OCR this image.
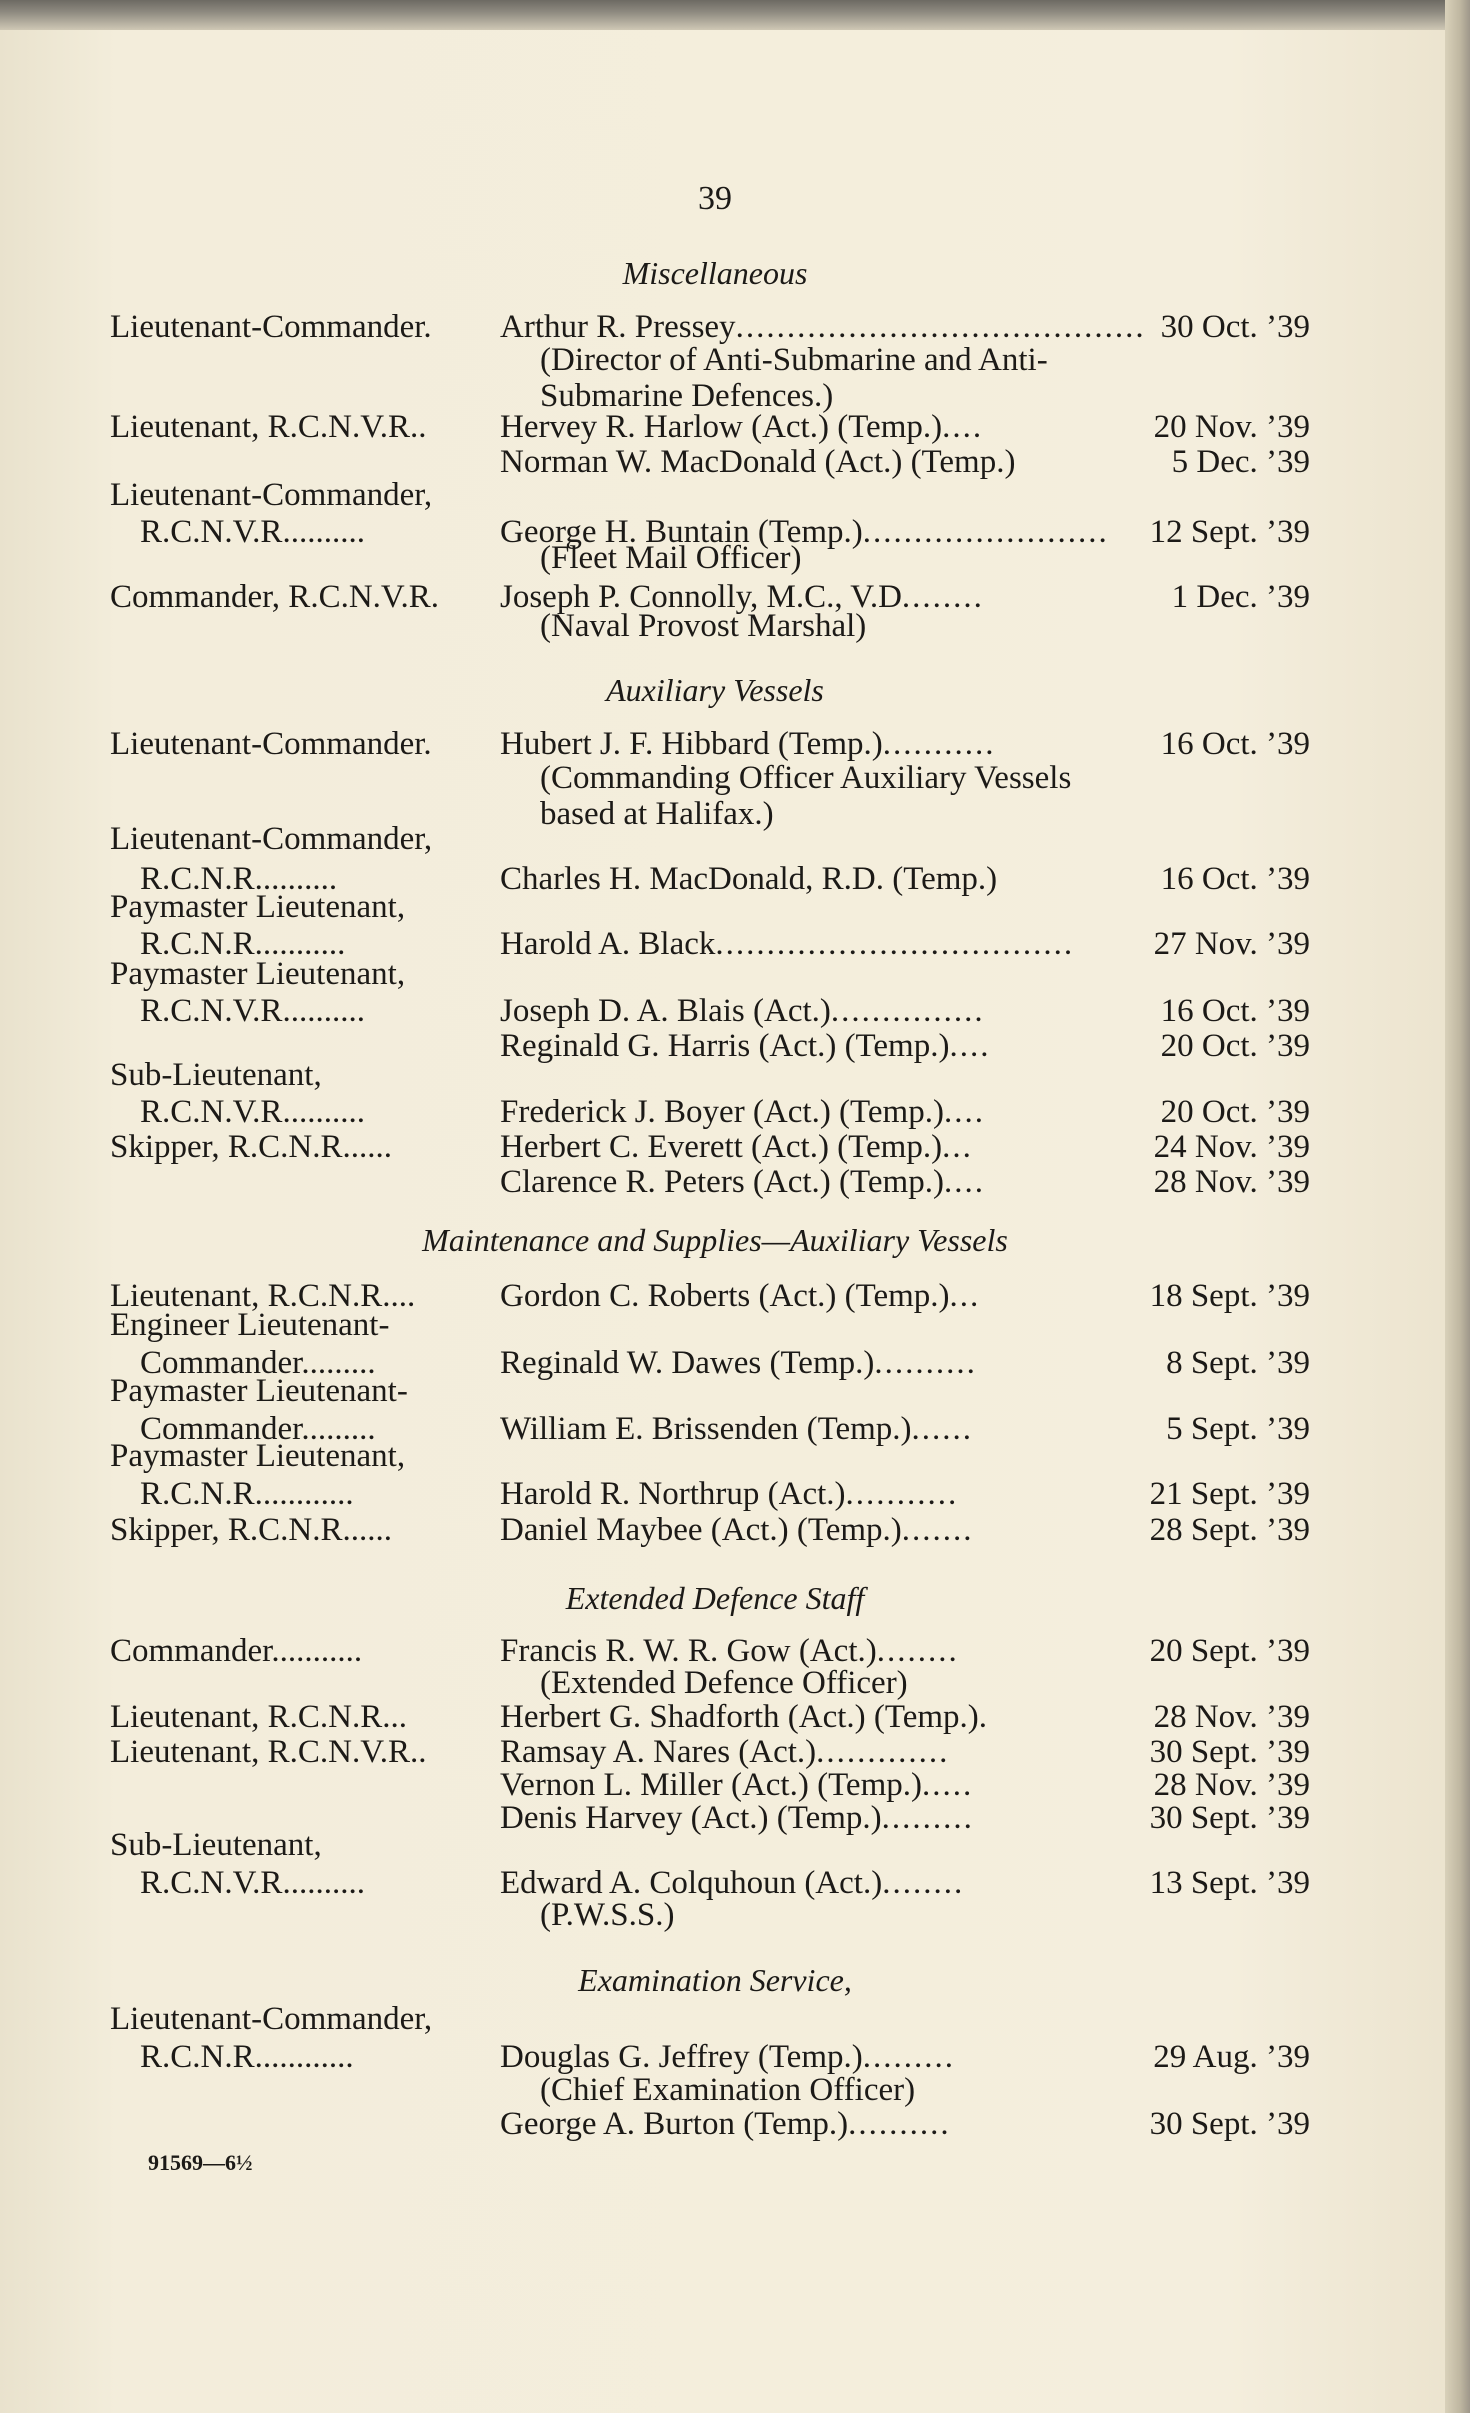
39
Miscellaneous
Lieutenant-Commander. Arthur R. Pressey........................................ 30 Oct. ’39
(Director of Anti-Submarine and Anti-Submarine Defences.)
Lieutenant, R.C.N.V.R.. Hervey R. Harlow (Act.) (Temp.)....	20 Nov. ’39
Norman W. MacDonald (Act.) (Temp.)	5 Dec. ’39
Lieutenant-Commander,
R.C.N.V.R..........	George H. Buntain (Temp.)........................	12 Sept. ’39
(Fleet Mail Officer)
Commander, R.C.N.V.R. Joseph P. Connolly, M.C., V.D........	1 Dec. ’39
(Naval Provost Marshal)
Auxiliary Vessels
Lieutenant-Commander. Hubert J. F. Hibbard (Temp.)...........	16 Oct. ’39
(Commanding Officer Auxiliary Vessels based at Halifax.)
Lieutenant-Commander,
R.C.N.R..........	Charles H. MacDonald, R.D. (Temp.)	16 Oct. ’39
Paymaster Lieutenant,
R.C.N.R...........	Harold A. Black...................................	27 Nov. ’39
Paymaster Lieutenant,
R.C.N.V.R..........	Joseph D. A. Blais (Act.)...............	16 Oct. ’39
Reginald G. Harris (Act.) (Temp.)....	20 Oct. ’39
Sub-Lieutenant,
R.C.N.V.R..........	Frederick J. Boyer (Act.) (Temp.)....	20 Oct. ’39
Skipper, R.C.N.R......	Herbert C. Everett (Act.) (Temp.)...	24 Nov. ’39
Clarence R. Peters (Act.) (Temp.)....	28 Nov. ’39
Maintenance and Supplies—Auxiliary Vessels
Lieutenant, R.C.N.R....	Gordon C. Roberts (Act.) (Temp.)...	18 Sept. ’39
Engineer Lieutenant-
Commander.........	Reginald W. Dawes (Temp.)..........	8 Sept. ’39
Paymaster Lieutenant-
Commander.........	William E. Brissenden (Temp.)......	5 Sept. ’39
Paymaster Lieutenant,
R.C.N.R............	Harold R. Northrup (Act.)...........	21 Sept. ’39
Skipper, R.C.N.R......	Daniel Maybee (Act.) (Temp.).......	28 Sept. ’39
Extended Defence Staff
Commander...........	Francis R. W. R. Gow (Act.)........	20 Sept. ’39
(Extended Defence Officer)
Lieutenant, R.C.N.R...	Herbert G. Shadforth (Act.) (Temp.).	28 Nov. ’39
Lieutenant, R.C.N.V.R.. Ramsay A. Nares (Act.).............	30 Sept. ’39
Vernon L. Miller (Act.) (Temp.).....	28 Nov. ’39
Denis Harvey (Act.) (Temp.).........	30 Sept. ’39
Sub-Lieutenant,
R.C.N.V.R..........	Edward A. Colquhoun (Act.)........	13 Sept. ’39
(P.W.S.S.)
Examination Service,
Lieutenant-Commander,
R.C.N.R............	Douglas G. Jeffrey (Temp.).........	29 Aug. ’39
(Chief Examination Officer)
George A. Burton (Temp.)..........	30 Sept. ’39
91569—6½
